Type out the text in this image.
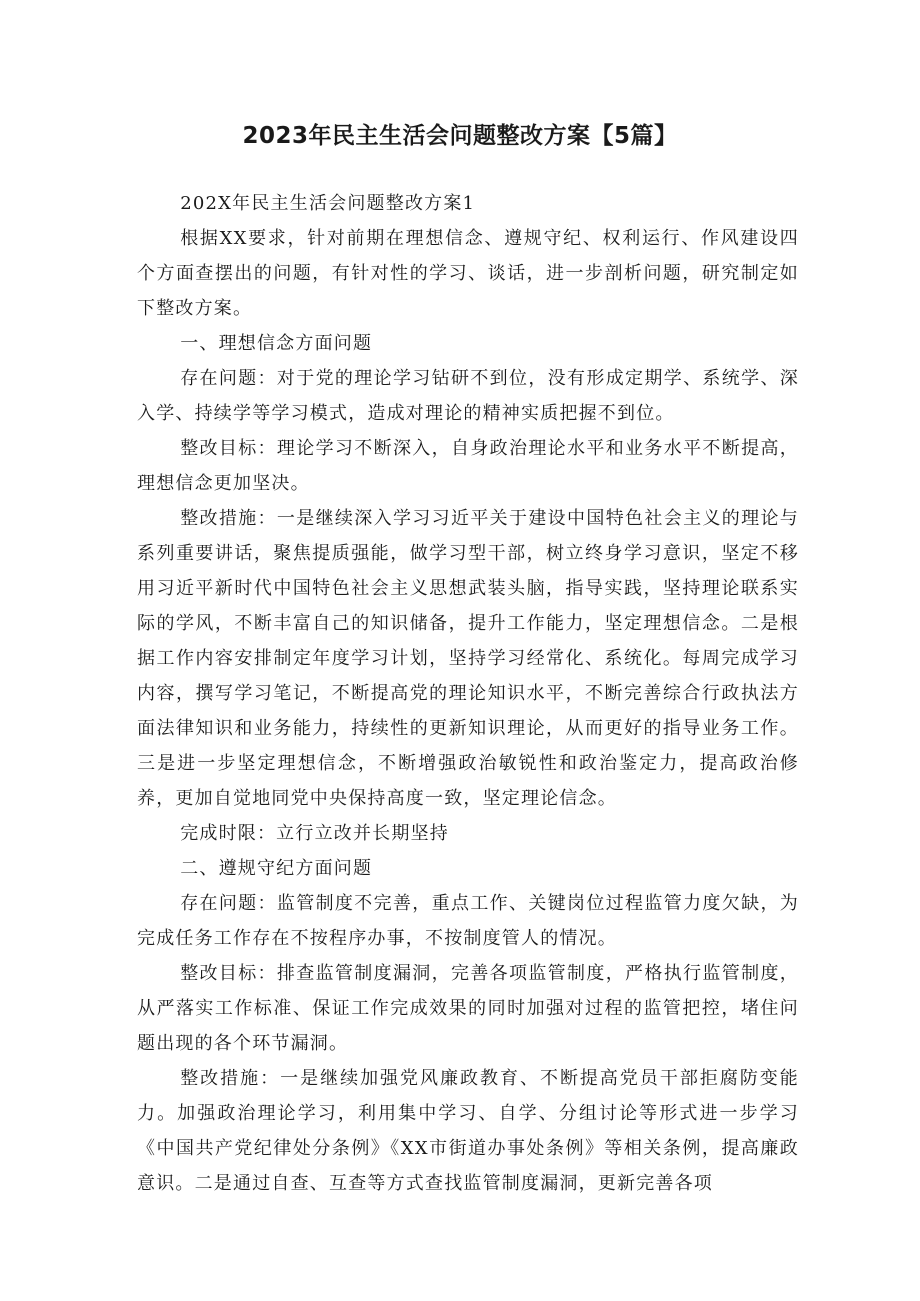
2023年民主生活会问题整改方案【5篇】

202X年民主生活会问题整改方案1

根据XX要求，针对前期在理想信念、遵规守纪、权利运行、作风建设四个方面查摆出的问题，有针对性的学习、谈话，进一步剖析问题，研究制定如下整改方案。

一、理想信念方面问题

存在问题：对于党的理论学习钻研不到位，没有形成定期学、系统学、深入学、持续学等学习模式，造成对理论的精神实质把握不到位。

整改目标：理论学习不断深入，自身政治理论水平和业务水平不断提高，理想信念更加坚决。

整改措施：一是继续深入学习习近平关于建设中国特色社会主义的理论与系列重要讲话，聚焦提质强能，做学习型干部，树立终身学习意识，坚定不移用习近平新时代中国特色社会主义思想武装头脑，指导实践，坚持理论联系实际的学风，不断丰富自己的知识储备，提升工作能力，坚定理想信念。二是根据工作内容安排制定年度学习计划，坚持学习经常化、系统化。每周完成学习内容，撰写学习笔记，不断提高党的理论知识水平，不断完善综合行政执法方面法律知识和业务能力，持续性的更新知识理论，从而更好的指导业务工作。三是进一步坚定理想信念，不断增强政治敏锐性和政治鉴定力，提高政治修养，更加自觉地同党中央保持高度一致，坚定理论信念。

完成时限：立行立改并长期坚持

二、遵规守纪方面问题

存在问题：监管制度不完善，重点工作、关键岗位过程监管力度欠缺，为完成任务工作存在不按程序办事，不按制度管人的情况。

整改目标：排查监管制度漏洞，完善各项监管制度，严格执行监管制度，从严落实工作标准、保证工作完成效果的同时加强对过程的监管把控，堵住问题出现的各个环节漏洞。

整改措施：一是继续加强党风廉政教育、不断提高党员干部拒腐防变能力。加强政治理论学习，利用集中学习、自学、分组讨论等形式进一步学习《中国共产党纪律处分条例》《XX市街道办事处条例》等相关条例，提高廉政意识。二是通过自查、互查等方式查找监管制度漏洞，更新完善各项
